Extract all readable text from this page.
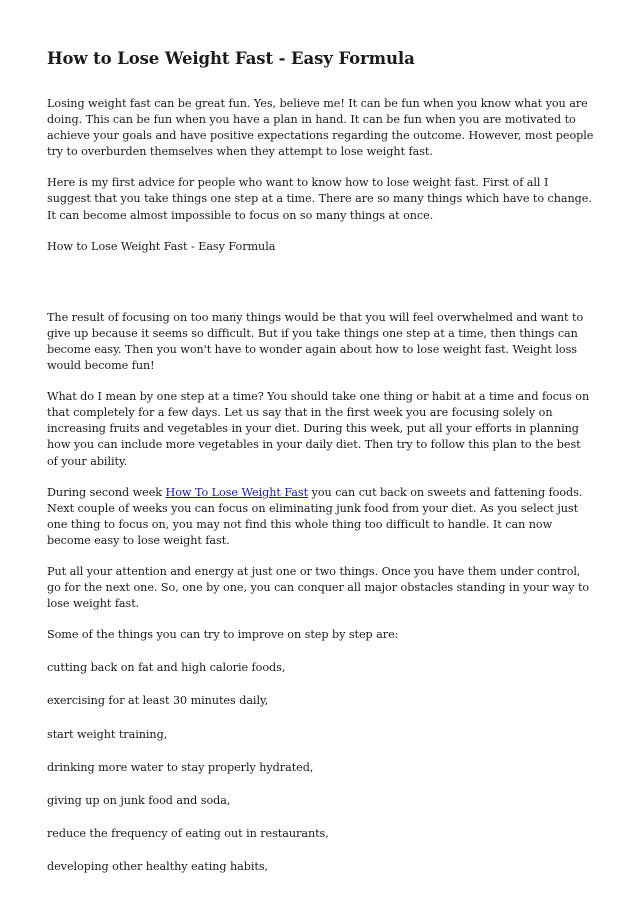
How to Lose Weight Fast - Easy Formula

Losing weight fast can be great fun. Yes, believe me! It can be fun when you know what you are doing. This can be fun when you have a plan in hand. It can be fun when you are motivated to achieve your goals and have positive expectations regarding the outcome. However, most people try to overburden themselves when they attempt to lose weight fast.

Here is my first advice for people who want to know how to lose weight fast. First of all I suggest that you take things one step at a time. There are so many things which have to change. It can become almost impossible to focus on so many things at once.

How to Lose Weight Fast - Easy Formula

The result of focusing on too many things would be that you will feel overwhelmed and want to give up because it seems so difficult. But if you take things one step at a time, then things can become easy. Then you won't have to wonder again about how to lose weight fast. Weight loss would become fun!

What do I mean by one step at a time? You should take one thing or habit at a time and focus on that completely for a few days. Let us say that in the first week you are focusing solely on increasing fruits and vegetables in your diet. During this week, put all your efforts in planning how you can include more vegetables in your daily diet. Then try to follow this plan to the best of your ability.

During second week How To Lose Weight Fast you can cut back on sweets and fattening foods. Next couple of weeks you can focus on eliminating junk food from your diet. As you select just one thing to focus on, you may not find this whole thing too difficult to handle. It can now become easy to lose weight fast.

Put all your attention and energy at just one or two things. Once you have them under control, go for the next one. So, one by one, you can conquer all major obstacles standing in your way to lose weight fast.

Some of the things you can try to improve on step by step are:

cutting back on fat and high calorie foods,

exercising for at least 30 minutes daily,

start weight training,

drinking more water to stay properly hydrated,

giving up on junk food and soda,

reduce the frequency of eating out in restaurants,

developing other healthy eating habits,
